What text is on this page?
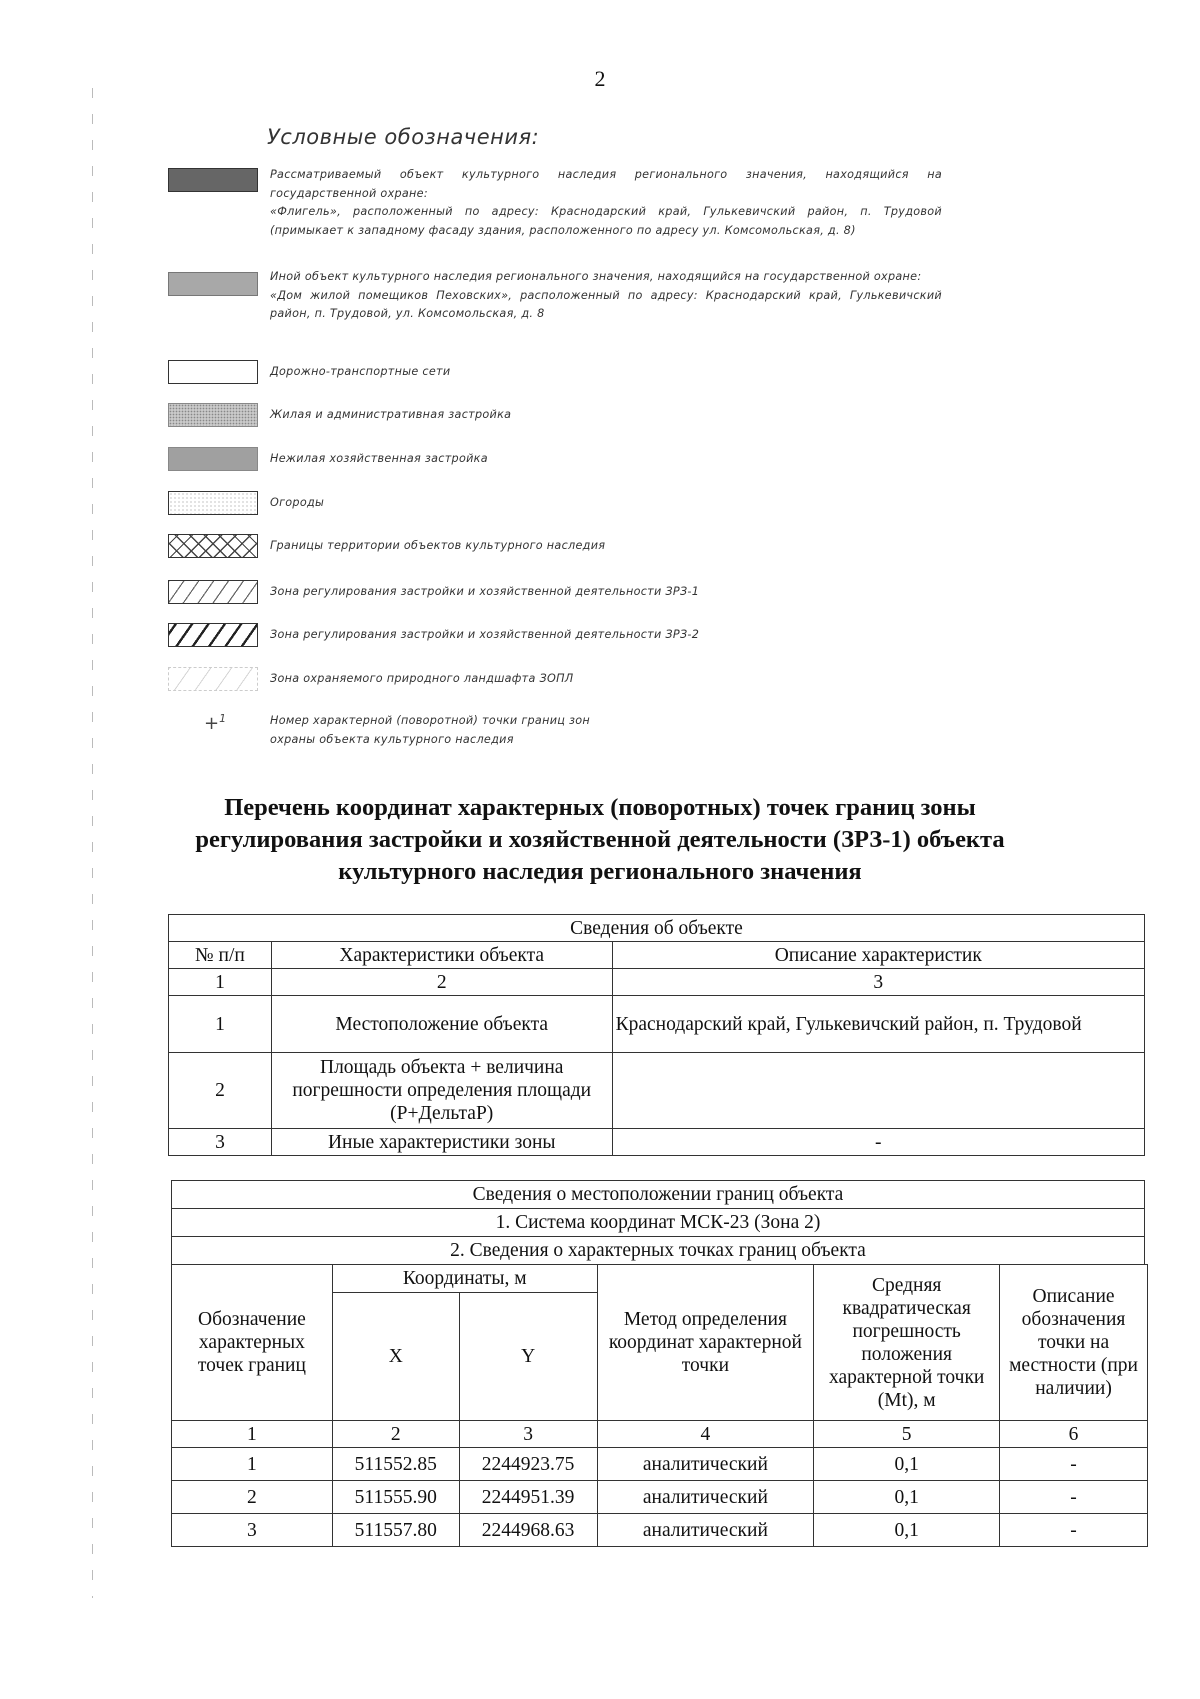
2
Условные обозначения:
Рассматриваемый объект культурного наследия регионального значения, находящийся на государственной охране:
«Флигель», расположенный по адресу: Краснодарский край, Гулькевичский район, п. Трудовой (примыкает к западному фасаду здания, расположенного по адресу ул. Комсомольская, д. 8)
Иной объект культурного наследия регионального значения, находящийся на государственной охране:
«Дом жилой помещиков Пеховских», расположенный по адресу: Краснодарский край, Гулькевичский район, п. Трудовой, ул. Комсомольская, д. 8
Дорожно-транспортные сети
Жилая и административная застройка
Нежилая хозяйственная застройка
Огороды
Границы территории объектов культурного наследия
Зона регулирования застройки и хозяйственной деятельности ЗРЗ-1
Зона регулирования застройки и хозяйственной деятельности ЗРЗ-2
Зона охраняемого природного ландшафта ЗОПЛ
+$^1$	Номер характерной (поворотной) точки границ зон
охраны объекта культурного наследия
Перечень координат характерных (поворотных) точек границ зоны
регулирования застройки и хозяйственной деятельности (ЗРЗ-1) объекта
культурного наследия регионального значения
Сведения об объекте		
№ п/п	Характеристики объекта	Описание характеристик
1	2	3
1	Местоположение объекта	Краснодарский край, Гулькевичский район, п. Трудовой
2	Площадь объекта + величина погрешности определения площади (P+ДельтаP)	
3	Иные характеристики зоны	-
Сведения о местоположении границ объекта
1. Система координат МСК-23 (Зона 2)
2. Сведения о характерных точках границ объекта
Обозначение характерных точек границ	Координаты, м		Метод определения координат характерной точки	Средняя квадратическая погрешность положения характерной точки (Mt), м	Описание обозначения точки на местности (при наличии)
	X	Y			
1	2	3	4	5	6
1	511552.85	2244923.75	аналитический	0,1	-
2	511555.90	2244951.39	аналитический	0,1	-
3	511557.80	2244968.63	аналитический	0,1	-
